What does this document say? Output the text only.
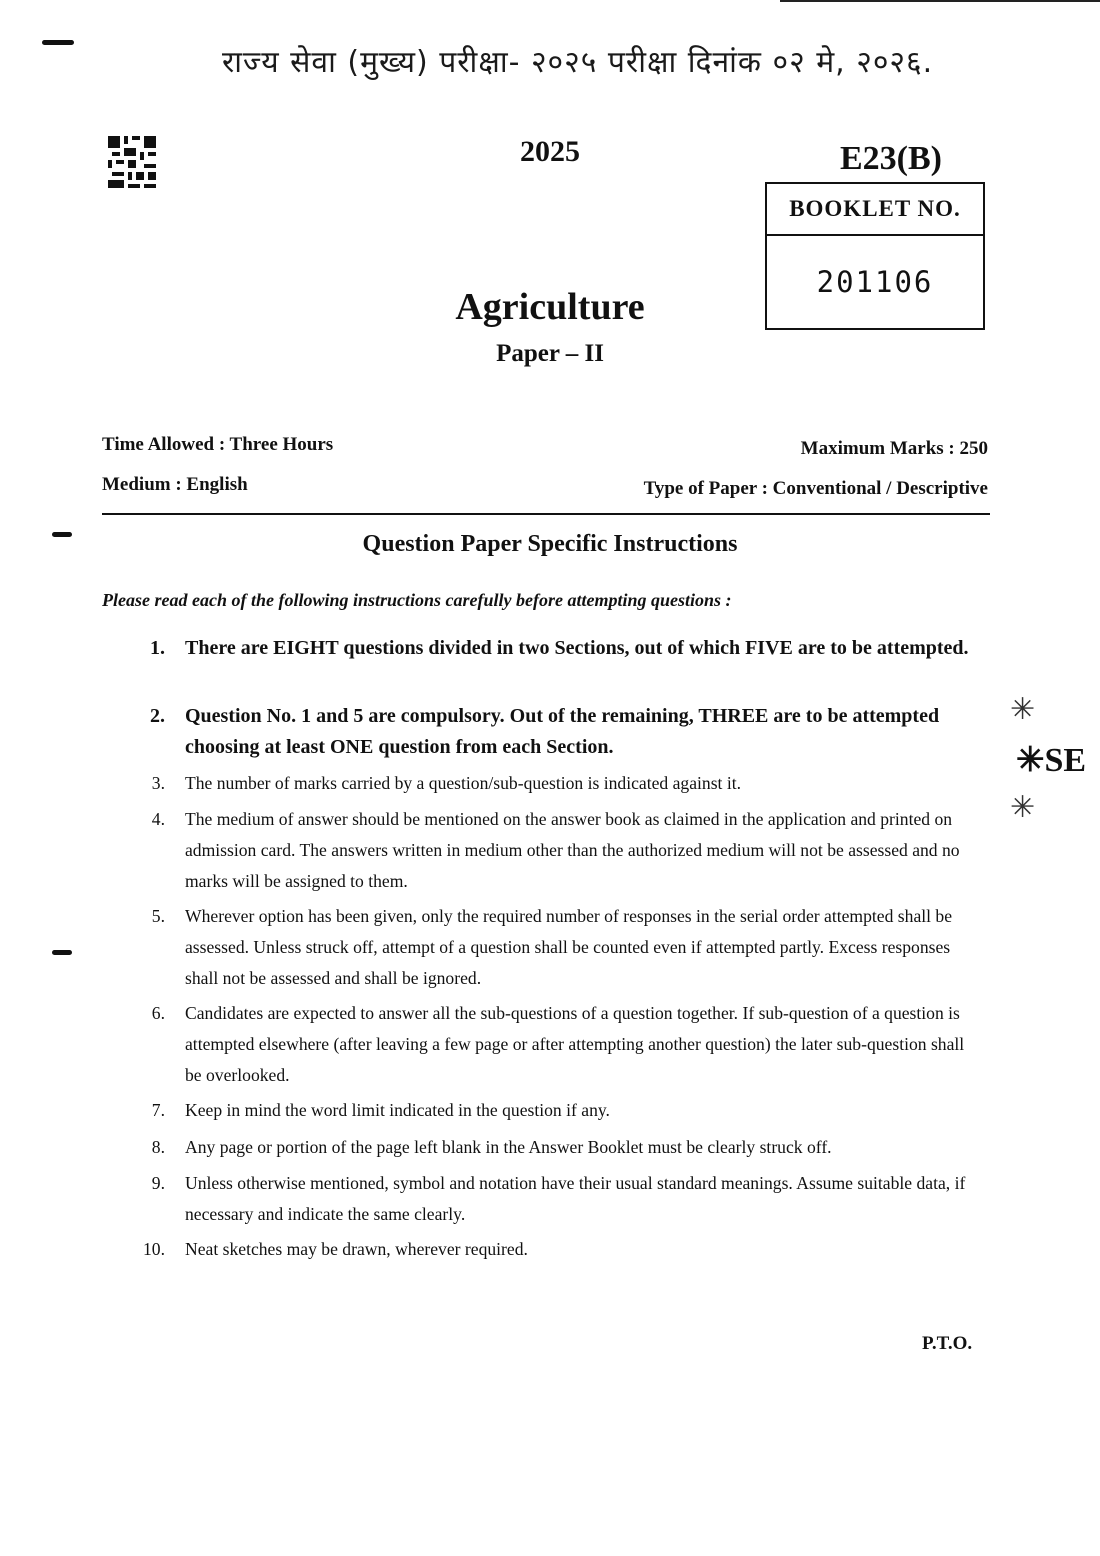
राज्य सेवा (मुख्य) परीक्षा- २०२५ परीक्षा दिनांक ०२ मे, २०२६.
2025	E23(B)
BOOKLET NO.
201106
Agriculture
Paper – II
Time Allowed : Three Hours	Maximum Marks : 250
Medium : English	Type of Paper : Conventional / Descriptive
Question Paper Specific Instructions
Please read each of the following instructions carefully before attempting questions :
1.	There are EIGHT questions divided in two Sections, out of which FIVE are to be attempted.
2.	Question No. 1 and 5 are compulsory. Out of the remaining, THREE are to be attempted choosing at least ONE question from each Section.
3.	The number of marks carried by a question/sub-question is indicated against it.
4.	The medium of answer should be mentioned on the answer book as claimed in the application and printed on admission card. The answers written in medium other than the authorized medium will not be assessed and no marks will be assigned to them.
5.	Wherever option has been given, only the required number of responses in the serial order attempted shall be assessed. Unless struck off, attempt of a question shall be counted even if attempted partly. Excess responses shall not be assessed and shall be ignored.
6.	Candidates are expected to answer all the sub-questions of a question together. If sub-question of a question is attempted elsewhere (after leaving a few page or after attempting another question) the later sub-question shall be overlooked.
7.	Keep in mind the word limit indicated in the question if any.
8.	Any page or portion of the page left blank in the Answer Booklet must be clearly struck off.
9.	Unless otherwise mentioned, symbol and notation have their usual standard meanings. Assume suitable data, if necessary and indicate the same clearly.
10.	Neat sketches may be drawn, wherever required.
P.T.O.
✳
✳SE
✳
